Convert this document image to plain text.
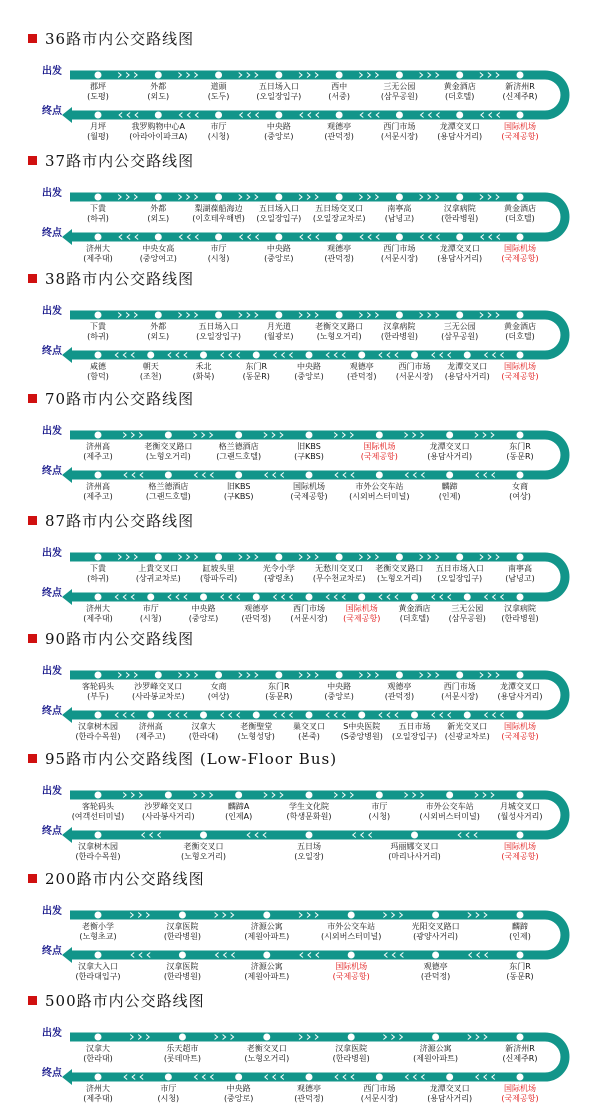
36路市内公交路线图
出发
终点
郡坪
(도평)
外都
(외도)
道頭
(도두)
五日场入口
(오일장입구)
西中
(서중)
三无公园
(삼무공원)
黄金酒店
(더호텔)
新济州R
(신제주R)
月坪
(월평)
我罗购物中心A
(아라아이파크A)
市厅
(시청)
中央路
(중앙로)
观德亭
(관덕정)
西门市场
(서문시장)
龙潭交叉口
(용담사거리)
国际机场
(국제공항)
37路市内公交路线图
出发
终点
下貴
(하귀)
外都
(외도)
梨湖葆船海边
(이호테우해변)
五日场入口
(오일장입구)
五日场交叉口
(오일장교차로)
南寧高
(남녕고)
汉拿病院
(한라병원)
黄金酒店
(더호텔)
济州大
(제주대)
中央女高
(중앙여고)
市厅
(시청)
中央路
(중앙로)
观德亭
(관덕정)
西门市场
(서문시장)
龙潭交叉口
(용담사거리)
国际机场
(국제공항)
38路市内公交路线图
出发
终点
下貴
(하귀)
外都
(외도)
五日场入口
(오일장입구)
月光道
(월광로)
老衡交叉路口
(노형오거리)
汉拿病院
(한라병원)
三无公园
(삼무공원)
黄金酒店
(더호텔)
咸德
(함덕)
朝天
(조천)
禾北
(화북)
东门R
(동문R)
中央路
(중앙로)
观德亭
(관덕정)
西门市场
(서문시장)
龙潭交叉口
(용담사거리)
国际机场
(국제공항)
70路市内公交路线图
出发
终点
济州高
(제주고)
老衡交叉路口
(노형오거리)
格兰德酒店
(그랜드호텔)
旧KBS
(구KBS)
国际机场
(국제공항)
龙潭交叉口
(용담사거리)
东门R
(동문R)
济州高
(제주고)
格兰德酒店
(그랜드호텔)
旧KBS
(구KBS)
国际机场
(국제공항)
市外公交车站
(시외버스터미널)
麟蹄
(인제)
女商
(여상)
87路市内公交路线图
出发
终点
下貴
(하귀)
上貴交叉口
(상귀교차로)
缸坡头里
(항파두리)
光令小学
(광령초)
无愁川交叉口
(무수천교차로)
老衡交叉路口
(노형오거리)
五日市场入口
(오일장입구)
南寧高
(남녕고)
济州大
(제주대)
市厅
(시청)
中央路
(중앙로)
观德亭
(관덕정)
西门市场
(서문시장)
国际机场
(국제공항)
黄金酒店
(더호텔)
三无公园
(삼무공원)
汉拿病院
(한라병원)
90路市内公交路线图
出发
终点
客轮码头
(부두)
沙罗峰交叉口
(사라봉교차로)
女商
(여상)
东门R
(동문R)
中央路
(중앙로)
观德亭
(관덕정)
西门市场
(서문시장)
龙潭交叉口
(용담사거리)
汉拿树木园
(한라수목원)
济州高
(제주고)
汉拿大
(한라대)
老衡聖堂
(노형성당)
巢交叉口
(본죽)
S中央医院
(S중앙병원)
五日市场
(오일장입구)
新光交叉口
(신광교차로)
国际机场
(국제공항)
95路市内公交路线图 (Low-Floor Bus)
出发
终点
客轮码头
(여객선터미널)
沙罗峰交叉口
(사라봉사거리)
麟蹄A
(인제A)
学生文化院
(학생문화원)
市厅
(시청)
市外公交车站
(시외버스터미널)
月城交叉口
(월성사거리)
汉拿树木园
(한라수목원)
老衡交叉口
(노형오거리)
五日场
(오일장)
玛丽娜交叉口
(마리나사거리)
国际机场
(국제공항)
200路市内公交路线图
出发
终点
老衡小学
(노형초교)
汉拿医院
(한라병원)
济源公寓
(제원아파트)
市外公交车站
(시외버스터미널)
光阳交叉路口
(광양사거리)
麟蹄
(인제)
汉拿大入口
(한라대입구)
汉拿医院
(한라병원)
济源公寓
(제원아파트)
国际机场
(국제공항)
观德亭
(관덕정)
东门R
(동문R)
500路市内公交路线图
出发
终点
汉拿大
(한라대)
乐天超市
(롯데마트)
老衡交叉口
(노형오거리)
汉拿医院
(한라병원)
济源公寓
(제원아파트)
新济州R
(신제주R)
济州大
(제주대)
市厅
(시청)
中央路
(중앙로)
观德亭
(관덕정)
西门市场
(서문시장)
龙潭交叉口
(용담사거리)
国际机场
(국제공항)
